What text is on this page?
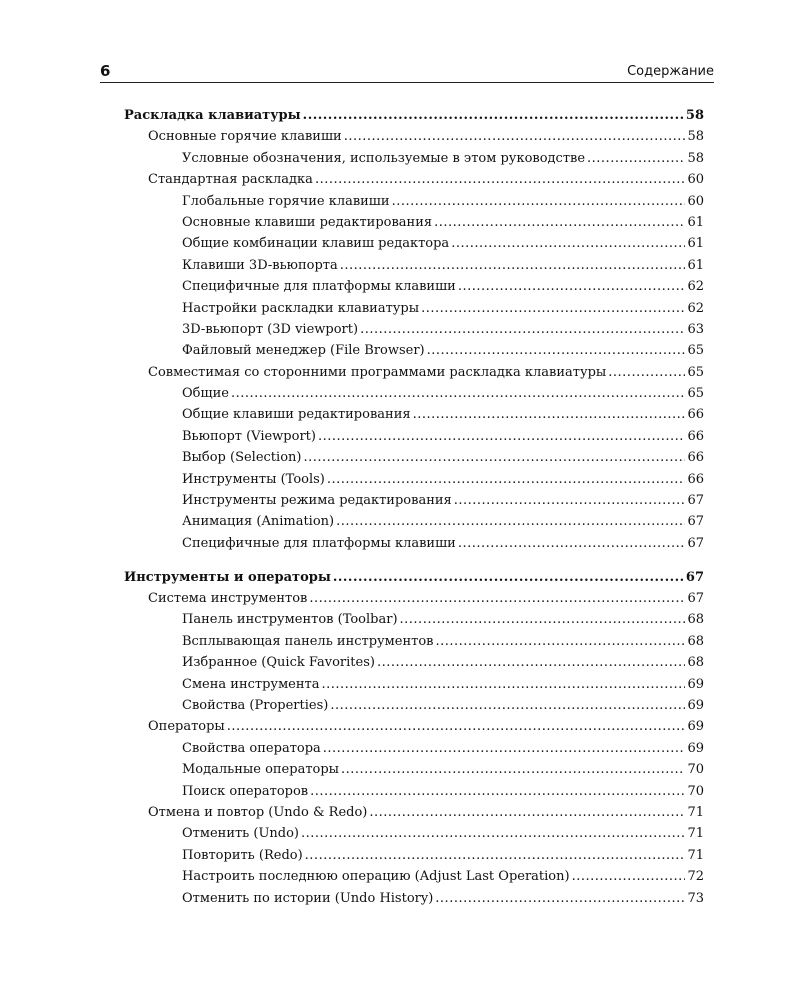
6	Содержание
Раскладка клавиатуры .....	58
Основные горячие клавиши .....	58
Условные обозначения, используемые в этом руководстве .....	58
Стандартная раскладка .....	60
Глобальные горячие клавиши .....	60
Основные клавиши редактирования .....	61
Общие комбинации клавиш редактора .....	61
Клавиши 3D-вьюпорта .....	61
Специфичные для платформы клавиши .....	62
Настройки раскладки клавиатуры .....	62
3D-вьюпорт (3D viewport) .....	63
Файловый менеджер (File Browser) .....	65
Совместимая со сторонними программами раскладка клавиатуры .....	65
Общие .....	65
Общие клавиши редактирования .....	66
Вьюпорт (Viewport) .....	66
Выбор (Selection) .....	66
Инструменты (Tools) .....	66
Инструменты режима редактирования .....	67
Анимация (Animation) .....	67
Специфичные для платформы клавиши .....	67
Инструменты и операторы .....	67
Система инструментов .....	67
Панель инструментов (Toolbar) .....	68
Всплывающая панель инструментов .....	68
Избранное (Quick Favorites) .....	68
Смена инструмента .....	69
Свойства (Properties) .....	69
Операторы .....	69
Свойства оператора .....	69
Модальные операторы .....	70
Поиск операторов .....	70
Отмена и повтор (Undo & Redo) .....	71
Отменить (Undo) .....	71
Повторить (Redo) .....	71
Настроить последнюю операцию (Adjust Last Operation) .....	72
Отменить по истории (Undo History) .....	73
